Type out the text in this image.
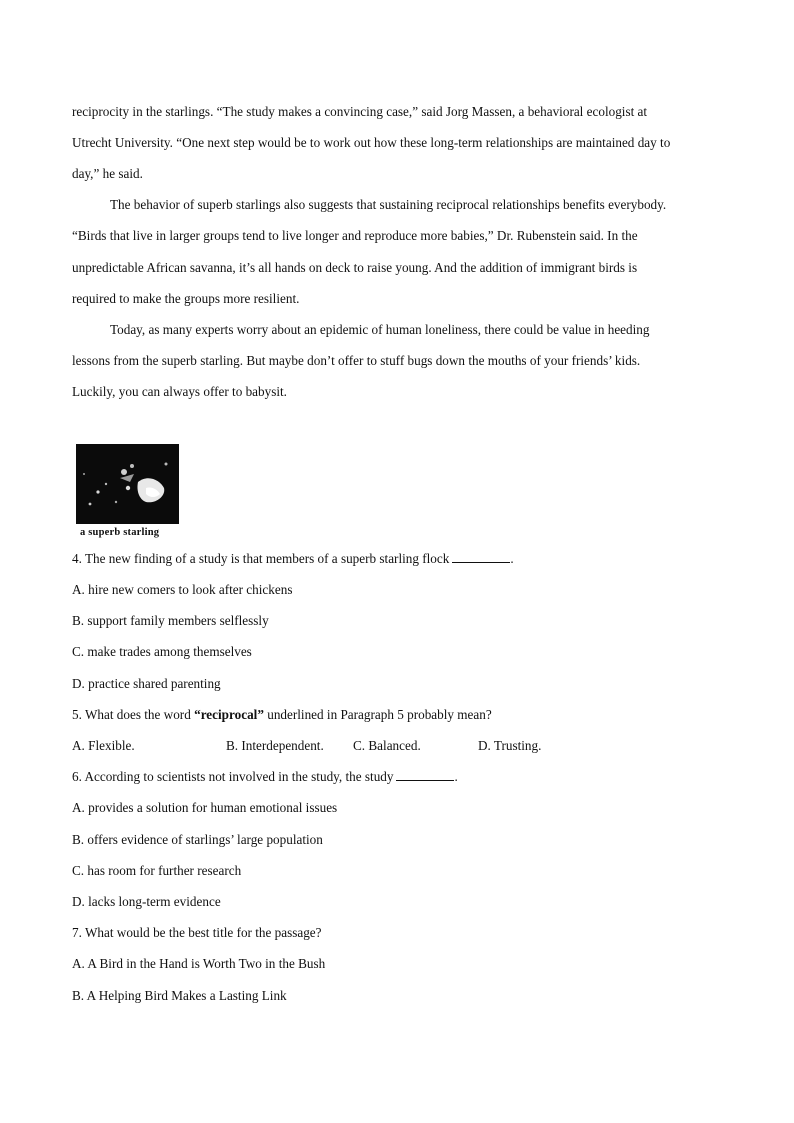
reciprocity in the starlings. “The study makes a convincing case,” said Jorg Massen, a behavioral ecologist at
Utrecht University. “One next step would be to work out how these long-term relationships are maintained day to
day,” he said.
The behavior of superb starlings also suggests that sustaining reciprocal relationships benefits everybody.
“Birds that live in larger groups tend to live longer and reproduce more babies,” Dr. Rubenstein said. In the
unpredictable African savanna, it’s all hands on deck to raise young. And the addition of immigrant birds is
required to make the groups more resilient.
Today, as many experts worry about an epidemic of human loneliness, there could be value in heeding
lessons from the superb starling. But maybe don’t offer to stuff bugs down the mouths of your friends’ kids.
Luckily, you can always offer to babysit.
a superb starling
4. The new finding of a study is that members of a superb starling flock	.
A. hire new comers to look after chickens
B. support family members selflessly
C. make trades among themselves
D. practice shared parenting
5. What does the word “reciprocal” underlined in Paragraph 5 probably mean?
A. Flexible.	B. Interdependent. C. Balanced.	D. Trusting.
6. According to scientists not involved in the study, the study	.
A. provides a solution for human emotional issues
B. offers evidence of starlings’ large population
C. has room for further research
D. lacks long-term evidence
7. What would be the best title for the passage?
A. A Bird in the Hand is Worth Two in the Bush
B. A Helping Bird Makes a Lasting Link
